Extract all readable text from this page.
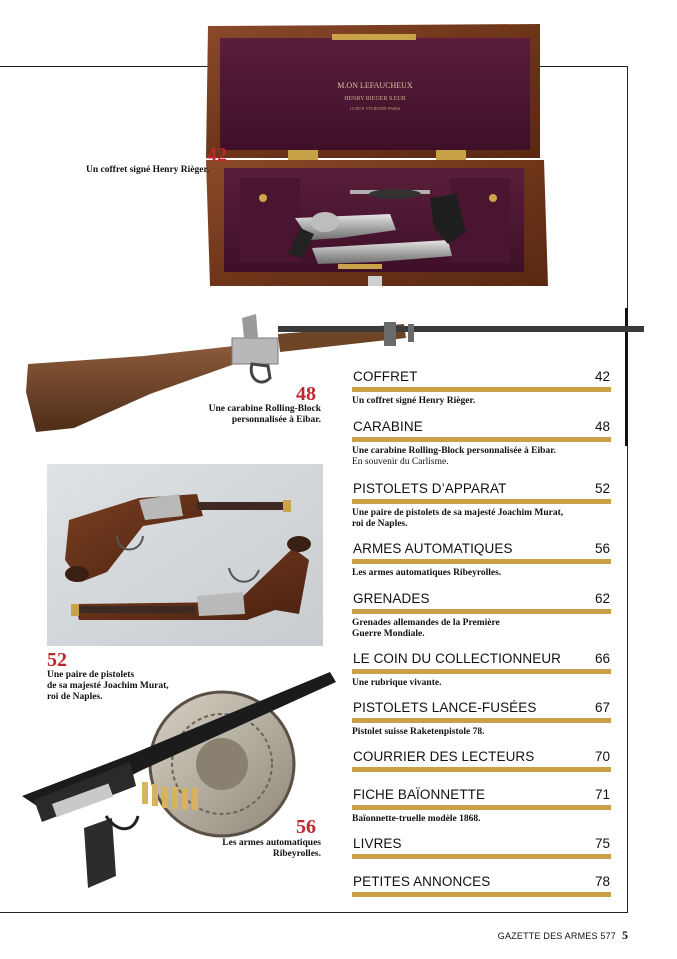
M.ON LEFAUCHEUX
HENRY RIEGER S.EUR
13 RUE VIVIENNE PARIS
42
Un coffret signé Henry Rièger.
48
Une carabine Rolling-Block
personnalisée à Eibar.
52
Une paire de pistolets
de sa majesté Joachim Murat,
roi de Naples.
56
Les armes automatiques
Ribeyrolles.
COFFRET	42
Un coffret signé Henry Rièger.
CARABINE	48
Une carabine Rolling-Block personnalisée à Eibar.
En souvenir du Carlisme.
PISTOLETS D’APPARAT	52
Une paire de pistolets de sa majesté Joachim Murat,
roi de Naples.
ARMES AUTOMATIQUES	56
Les armes automatiques Ribeyrolles.
GRENADES	62
Grenades allemandes de la Première
Guerre Mondiale.
LE COIN DU COLLECTIONNEUR	66
Une rubrique vivante.
PISTOLETS LANCE-FUSÉES	67
Pistolet suisse Raketenpistole 78.
COURRIER DES LECTEURS	70
FICHE BAÏONNETTE	71
Baïonnette-truelle modèle 1868.
LIVRES	75
PETITES ANNONCES	78
GAZETTE DES ARMES 577 5
